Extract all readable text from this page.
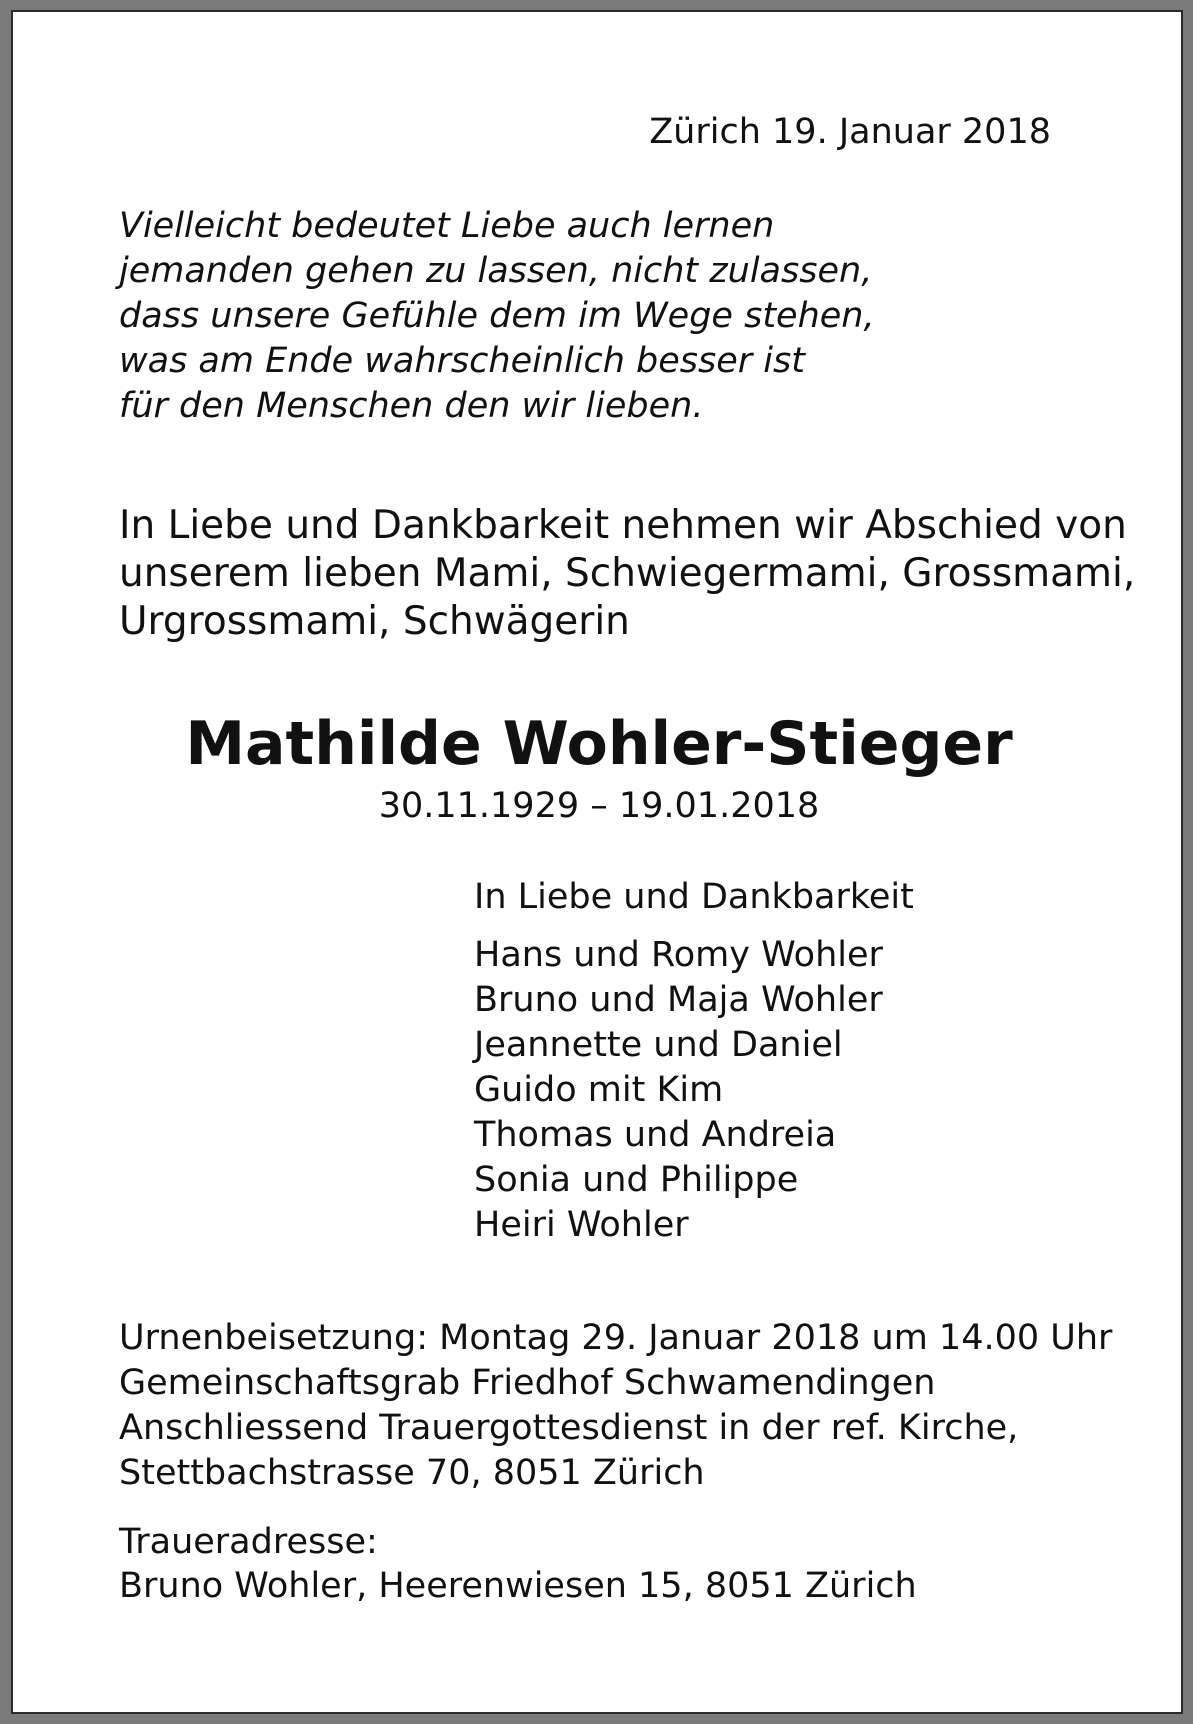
Zürich 19. Januar 2018
Vielleicht bedeutet Liebe auch lernen
jemanden gehen zu lassen, nicht zulassen,
dass unsere Gefühle dem im Wege stehen,
was am Ende wahrscheinlich besser ist
für den Menschen den wir lieben.
In Liebe und Dankbarkeit nehmen wir Abschied von
unserem lieben Mami, Schwiegermami, Grossmami,
Urgrossmami, Schwägerin
Mathilde Wohler-Stieger
30.11.1929 – 19.01.2018
In Liebe und Dankbarkeit
Hans und Romy Wohler
Bruno und Maja Wohler
Jeannette und Daniel
Guido mit Kim
Thomas und Andreia
Sonia und Philippe
Heiri Wohler
Urnenbeisetzung: Montag 29. Januar 2018 um 14.00 Uhr
Gemeinschaftsgrab Friedhof Schwamendingen
Anschliessend Trauergottesdienst in der ref. Kirche,
Stettbachstrasse 70, 8051 Zürich
Traueradresse:
Bruno Wohler, Heerenwiesen 15, 8051 Zürich
